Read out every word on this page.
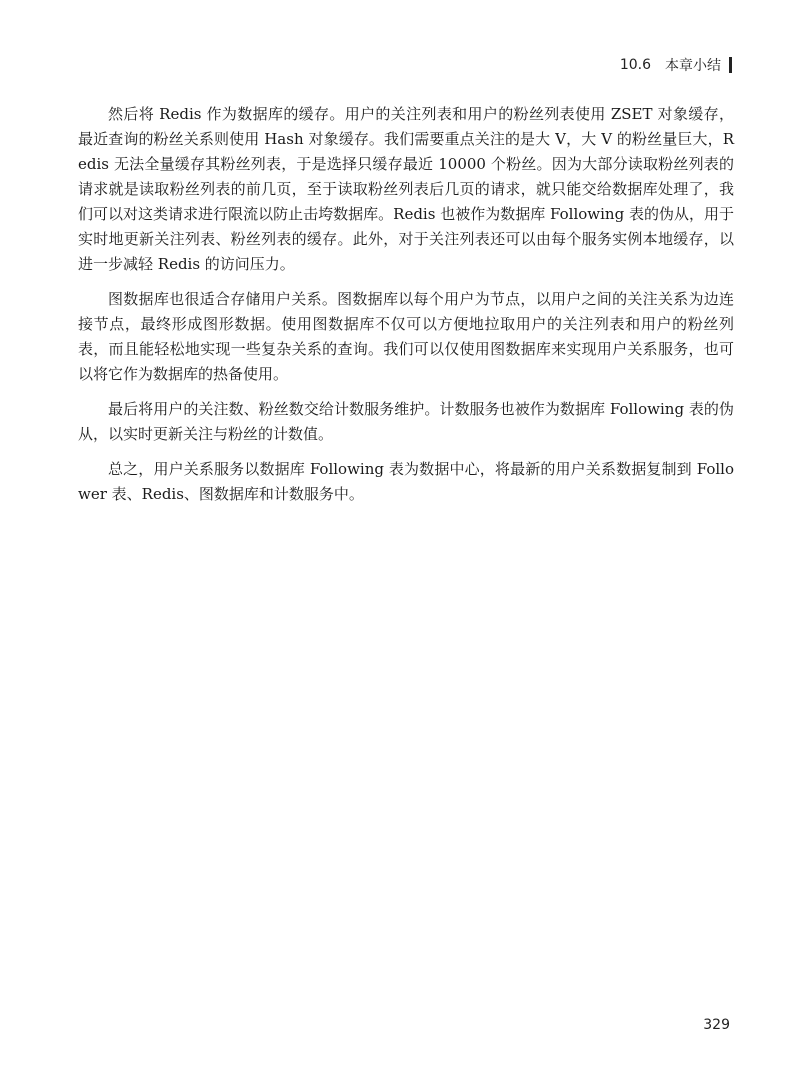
10.6 本章小结

然后将 Redis 作为数据库的缓存。用户的关注列表和用户的粉丝列表使用 ZSET 对象缓存，最近查询的粉丝关系则使用 Hash 对象缓存。我们需要重点关注的是大 V，大 V 的粉丝量巨大，Redis 无法全量缓存其粉丝列表，于是选择只缓存最近 10000 个粉丝。因为大部分读取粉丝列表的请求就是读取粉丝列表的前几页，至于读取粉丝列表后几页的请求，就只能交给数据库处理了，我们可以对这类请求进行限流以防止击垮数据库。Redis 也被作为数据库 Following 表的伪从，用于实时地更新关注列表、粉丝列表的缓存。此外，对于关注列表还可以由每个服务实例本地缓存，以进一步减轻 Redis 的访问压力。

图数据库也很适合存储用户关系。图数据库以每个用户为节点，以用户之间的关注关系为边连接节点，最终形成图形数据。使用图数据库不仅可以方便地拉取用户的关注列表和用户的粉丝列表，而且能轻松地实现一些复杂关系的查询。我们可以仅使用图数据库来实现用户关系服务，也可以将它作为数据库的热备使用。

最后将用户的关注数、粉丝数交给计数服务维护。计数服务也被作为数据库 Following 表的伪从，以实时更新关注与粉丝的计数值。

总之，用户关系服务以数据库 Following 表为数据中心，将最新的用户关系数据复制到 Follower 表、Redis、图数据库和计数服务中。

329
